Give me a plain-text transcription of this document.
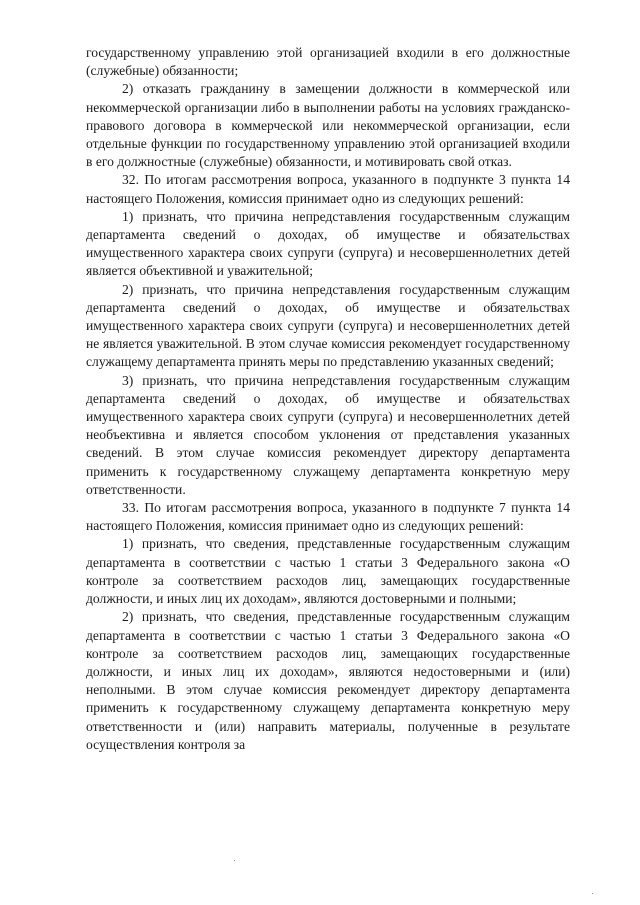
государственному управлению этой организацией входили в его должностные (служебные) обязанности;

2) отказать гражданину в замещении должности в коммерческой или некоммерческой организации либо в выполнении работы на условиях гражданско-правового договора в коммерческой или некоммерческой организации, если отдельные функции по государственному управлению этой организацией входили в его должностные (служебные) обязанности, и мотивировать свой отказ.

32. По итогам рассмотрения вопроса, указанного в подпункте 3 пункта 14 настоящего Положения, комиссия принимает одно из следующих решений:

1) признать, что причина непредставления государственным служащим департамента сведений о доходах, об имуществе и обязательствах имущественного характера своих супруги (супруга) и несовершеннолетних детей является объективной и уважительной;

2) признать, что причина непредставления государственным служащим департамента сведений о доходах, об имуществе и обязательствах имущественного характера своих супруги (супруга) и несовершеннолетних детей не является уважительной. В этом случае комиссия рекомендует государственному служащему департамента принять меры по представлению указанных сведений;

3) признать, что причина непредставления государственным служащим департамента сведений о доходах, об имуществе и обязательствах имущественного характера своих супруги (супруга) и несовершеннолетних детей необъективна и является способом уклонения от представления указанных сведений. В этом случае комиссия рекомендует директору департамента применить к государственному служащему департамента конкретную меру ответственности.

33. По итогам рассмотрения вопроса, указанного в подпункте 7 пункта 14 настоящего Положения, комиссия принимает одно из следующих решений:

1) признать, что сведения, представленные государственным служащим департамента в соответствии с частью 1 статьи 3 Федерального закона «О контроле за соответствием расходов лиц, замещающих государственные должности, и иных лиц их доходам», являются достоверными и полными;

2) признать, что сведения, представленные государственным служащим департамента в соответствии с частью 1 статьи 3 Федерального закона «О контроле за соответствием расходов лиц, замещающих государственные должности, и иных лиц их доходам», являются недостоверными и (или) неполными. В этом случае комиссия рекомендует директору департамента применить к государственному служащему департамента конкретную меру ответственности и (или) направить материалы, полученные в результате осуществления контроля за
